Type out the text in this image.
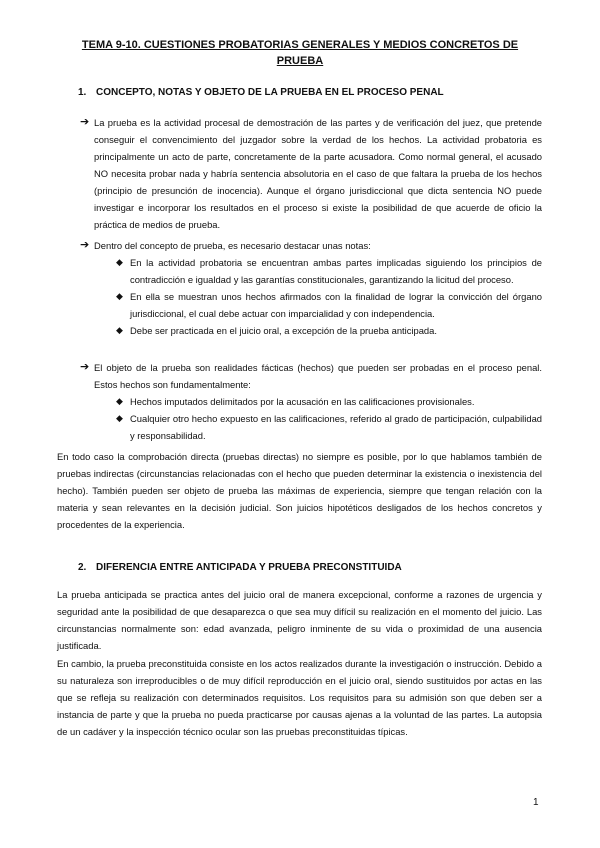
TEMA 9-10. CUESTIONES PROBATORIAS GENERALES Y MEDIOS CONCRETOS DE PRUEBA
1. CONCEPTO, NOTAS Y OBJETO DE LA PRUEBA EN EL PROCESO PENAL
➔ La prueba es la actividad procesal de demostración de las partes y de verificación del juez, que pretende conseguir el convencimiento del juzgador sobre la verdad de los hechos. La actividad probatoria es principalmente un acto de parte, concretamente de la parte acusadora. Como normal general, el acusado NO necesita probar nada y habría sentencia absolutoria en el caso de que faltara la prueba de los hechos (principio de presunción de inocencia). Aunque el órgano jurisdiccional que dicta sentencia NO puede investigar e incorporar los resultados en el proceso si existe la posibilidad de que acuerde de oficio la práctica de medios de prueba.
➔ Dentro del concepto de prueba, es necesario destacar unas notas:
◆ En la actividad probatoria se encuentran ambas partes implicadas siguiendo los principios de contradicción e igualdad y las garantías constitucionales, garantizando la licitud del proceso.
◆ En ella se muestran unos hechos afirmados con la finalidad de lograr la convicción del órgano jurisdiccional, el cual debe actuar con imparcialidad y con independencia.
◆ Debe ser practicada en el juicio oral, a excepción de la prueba anticipada.
➔ El objeto de la prueba son realidades fácticas (hechos) que pueden ser probadas en el proceso penal. Estos hechos son fundamentalmente:
◆ Hechos imputados delimitados por la acusación en las calificaciones provisionales.
◆ Cualquier otro hecho expuesto en las calificaciones, referido al grado de participación, culpabilidad y responsabilidad.
En todo caso la comprobación directa (pruebas directas) no siempre es posible, por lo que hablamos también de pruebas indirectas (circunstancias relacionadas con el hecho que pueden determinar la existencia o inexistencia del hecho). También pueden ser objeto de prueba las máximas de experiencia, siempre que tengan relación con la materia y sean relevantes en la decisión judicial. Son juicios hipotéticos desligados de los hechos concretos y procedentes de la experiencia.
2. DIFERENCIA ENTRE ANTICIPADA Y PRUEBA PRECONSTITUIDA
La prueba anticipada se practica antes del juicio oral de manera excepcional, conforme a razones de urgencia y seguridad ante la posibilidad de que desaparezca o que sea muy difícil su realización en el momento del juicio. Las circunstancias normalmente son: edad avanzada, peligro inminente de su vida o proximidad de una ausencia justificada.
En cambio, la prueba preconstituida consiste en los actos realizados durante la investigación o instrucción. Debido a su naturaleza son irreproducibles o de muy difícil reproducción en el juicio oral, siendo sustituidos por actas en las que se refleja su realización con determinados requisitos. Los requisitos para su admisión son que deben ser a instancia de parte y que la prueba no pueda practicarse por causas ajenas a la voluntad de las partes. La autopsia de un cadáver y la inspección técnico ocular son las pruebas preconstituidas típicas.
1
